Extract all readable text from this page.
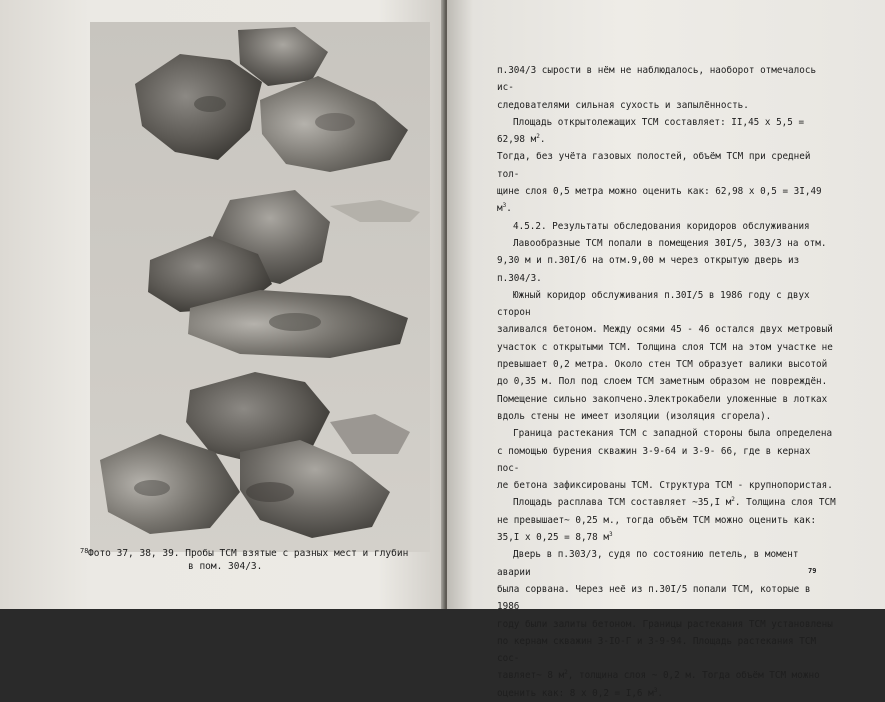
78 Фото 37, 38, 39. Пробы ТСМ взятые с разных мест и глубин
в пом. 304/3.

п.304/3 сырости в нём не наблюдалось, наоборот отмечалось ис-

следователями сильная сухость и запылённость.

Площадь открытолежащих ТСМ составляет: II,45 х 5,5 = 62,98 $м^2$.

Тогда, без учёта газовых полостей, объём ТСМ при средней тол-

щине слоя 0,5 метра можно оценить как: 62,98 х 0,5 = 3I,49 $м^3$.

4.5.2. Результаты обследования коридоров обслуживания

Лавообразные ТСМ попали в помещения 30I/5, 303/3 на отм.

9,30 м и п.30I/6 на отм.9,00 м через открытую дверь из п.304/3.

Южный коридор обслуживания п.30I/5 в 1986 году с двух сторон

заливался бетоном. Между осями 45 - 46 остался двух метровый

участок с открытыми ТСМ. Толщина слоя ТСМ на этом участке не

превышает 0,2 метра. Около стен ТСМ образует валики высотой

до 0,35 м. Пол под слоем ТСМ заметным образом не повреждён.

Помещение сильно закопчено.Электрокабели уложенные в лотках

вдоль стены не имеет изоляции (изоляция сгорела).

Граница растекания ТСМ с западной стороны была определена

с помощью бурения скважин 3-9-64 и 3-9- 66, где в кернах пос-

ле бетона зафиксированы ТСМ. Структура ТСМ - крупнопористая.

Площадь расплава ТСМ составляет ~35,I $м^2$. Толщина слоя ТСМ

не превышает~ 0,25 м., тогда объём ТСМ можно оценить как:

35,I х 0,25 = 8,78 $м^3$

Дверь в п.303/3, судя по состоянию петель, в момент аварии

была сорвана. Через неё из п.30I/5 попали ТСМ, которые в 1986

году были залиты бетоном. Границы растекания ТСМ установлены

по кернам скважин 3-IO-Г и 3-9-94. Площадь растекания ТСМ сос-

тавляет~ 8 $м^2$, толщина слоя ~ 0,2 м. Тогда объём ТСМ можно

оценить как: 8 х 0,2 = I,6 $м^3$.

79
